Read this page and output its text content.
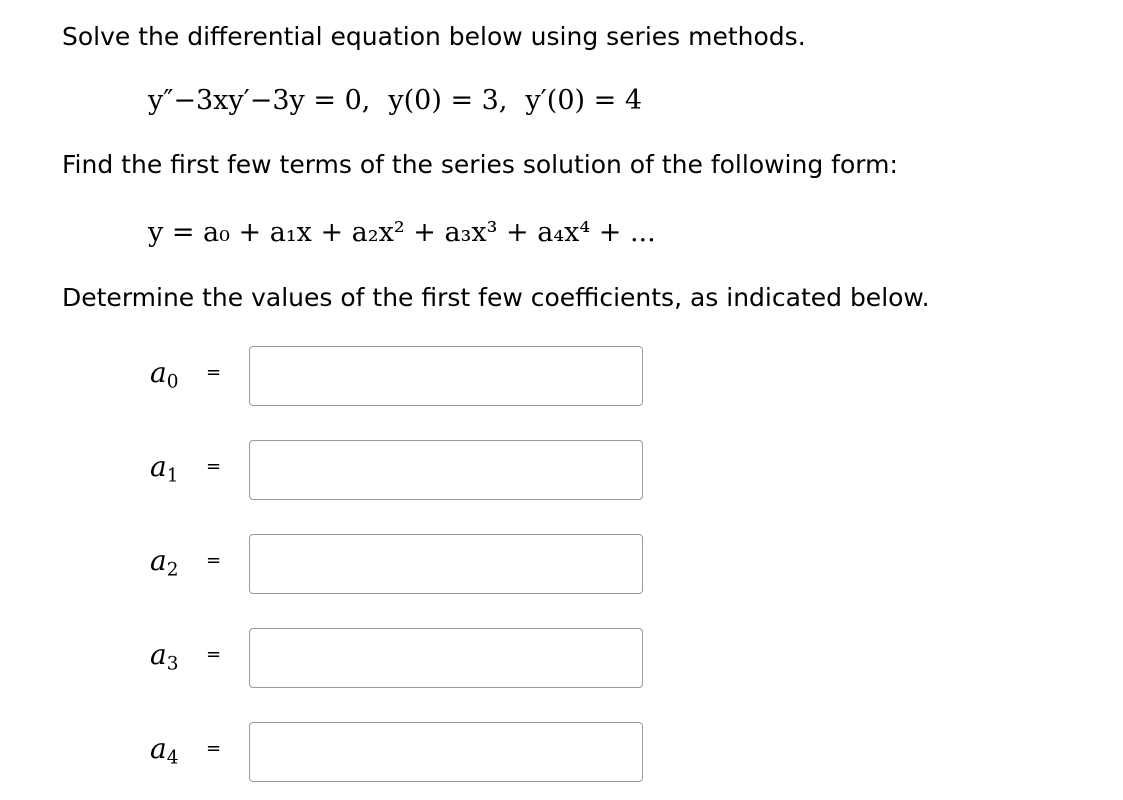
Solve the differential equation below using series methods.
y″−3xy′−3y = 0, y(0) = 3, y′(0) = 4
Find the first few terms of the series solution of the following form:
y = a₀ + a₁x + a₂x² + a₃x³ + a₄x⁴ + ...
Determine the values of the first few coefficients, as indicated below.
$a_0$ =
$a_1$ =
$a_2$ =
$a_3$ =
$a_4$ =
